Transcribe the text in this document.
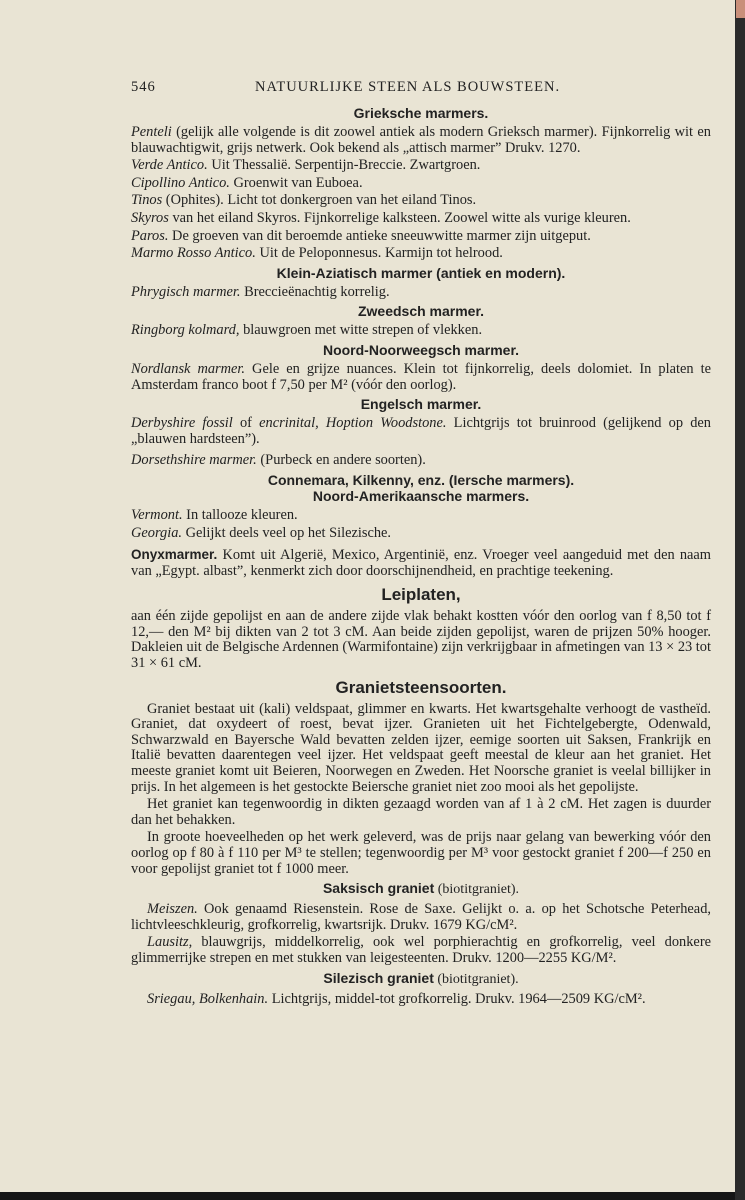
546	NATUURLIJKE STEEN ALS BOUWSTEEN.
Grieksche marmers.

Penteli (gelijk alle volgende is dit zoowel antiek als modern Grieksch marmer). Fijnkorrelig wit en blauwachtigwit, grijs netwerk. Ook bekend als „attisch marmer” Drukv. 1270.

Verde Antico. Uit Thessalië. Serpentijn-Breccie. Zwartgroen.

Cipollino Antico. Groenwit van Euboea.

Tinos (Ophites). Licht tot donkergroen van het eiland Tinos.

Skyros van het eiland Skyros. Fijnkorrelige kalksteen. Zoowel witte als vurige kleuren.

Paros. De groeven van dit beroemde antieke sneeuwwitte marmer zijn uitgeput.

Marmo Rosso Antico. Uit de Peloponnesus. Karmijn tot helrood.

Klein-Aziatisch marmer (antiek en modern).

Phrygisch marmer. Breccieënachtig korrelig.

Zweedsch marmer.

Ringborg kolmard, blauwgroen met witte strepen of vlekken.

Noord-Noorweegsch marmer.

Nordlansk marmer. Gele en grijze nuances. Klein tot fijnkorrelig, deels dolomiet. In platen te Amsterdam franco boot f 7,50 per M² (vóór den oorlog).

Engelsch marmer.

Derbyshire fossil of encrinital, Hoption Woodstone. Lichtgrijs tot bruinrood (gelijkend op den „blauwen hardsteen”).

Dorsethshire marmer. (Purbeck en andere soorten).

Connemara, Kilkenny, enz. (Iersche marmers).
Noord-Amerikaansche marmers.

Vermont. In tallooze kleuren.

Georgia. Gelijkt deels veel op het Silezische.

Onyxmarmer. Komt uit Algerië, Mexico, Argentinië, enz. Vroeger veel aangeduid met den naam van „Egypt. albast”, kenmerkt zich door doorschijnendheid, en prachtige teekening.

Leiplaten,

aan één zijde gepolijst en aan de andere zijde vlak behakt kostten vóór den oorlog van f 8,50 tot f 12,— den M² bij dikten van 2 tot 3 cM. Aan beide zijden gepolijst, waren de prijzen 50% hooger. Dakleien uit de Belgische Ardennen (Warmifontaine) zijn verkrijgbaar in afmetingen van 13 × 23 tot 31 × 61 cM.

Granietsteensoorten.

Graniet bestaat uit (kali) veldspaat, glimmer en kwarts. Het kwartsgehalte verhoogt de vastheïd. Graniet, dat oxydeert of roest, bevat ijzer. Granieten uit het Fichtelgebergte, Odenwald, Schwarzwald en Bayersche Wald bevatten zelden ijzer, eemige soorten uit Saksen, Frankrijk en Italië bevatten daarentegen veel ijzer. Het veldspaat geeft meestal de kleur aan het graniet. Het meeste graniet komt uit Beieren, Noorwegen en Zweden. Het Noorsche graniet is veelal billijker in prijs. In het algemeen is het gestockte Beiersche graniet niet zoo mooi als het gepolijste.

Het graniet kan tegenwoordig in dikten gezaagd worden van af 1 à 2 cM. Het zagen is duurder dan het behakken.

In groote hoeveelheden op het werk geleverd, was de prijs naar gelang van bewerking vóór den oorlog op f 80 à f 110 per M³ te stellen; tegenwoordig per M³ voor gestockt graniet f 200—f 250 en voor gepolijst graniet tot f 1000 meer.

Saksisch graniet (biotitgraniet).

Meiszen. Ook genaamd Riesenstein. Rose de Saxe. Gelijkt o. a. op het Schotsche Peterhead, lichtvleeschkleurig, grofkorrelig, kwartsrijk. Drukv. 1679 KG/cM².

Lausitz, blauwgrijs, middelkorrelig, ook wel porphierachtig en grofkorrelig, veel donkere glimmerrijke strepen en met stukken van leigesteenten. Drukv. 1200—2255 KG/M².

Silezisch graniet (biotitgraniet).

Sriegau, Bolkenhain. Lichtgrijs, middel-tot grofkorrelig. Drukv. 1964—2509 KG/cM².
